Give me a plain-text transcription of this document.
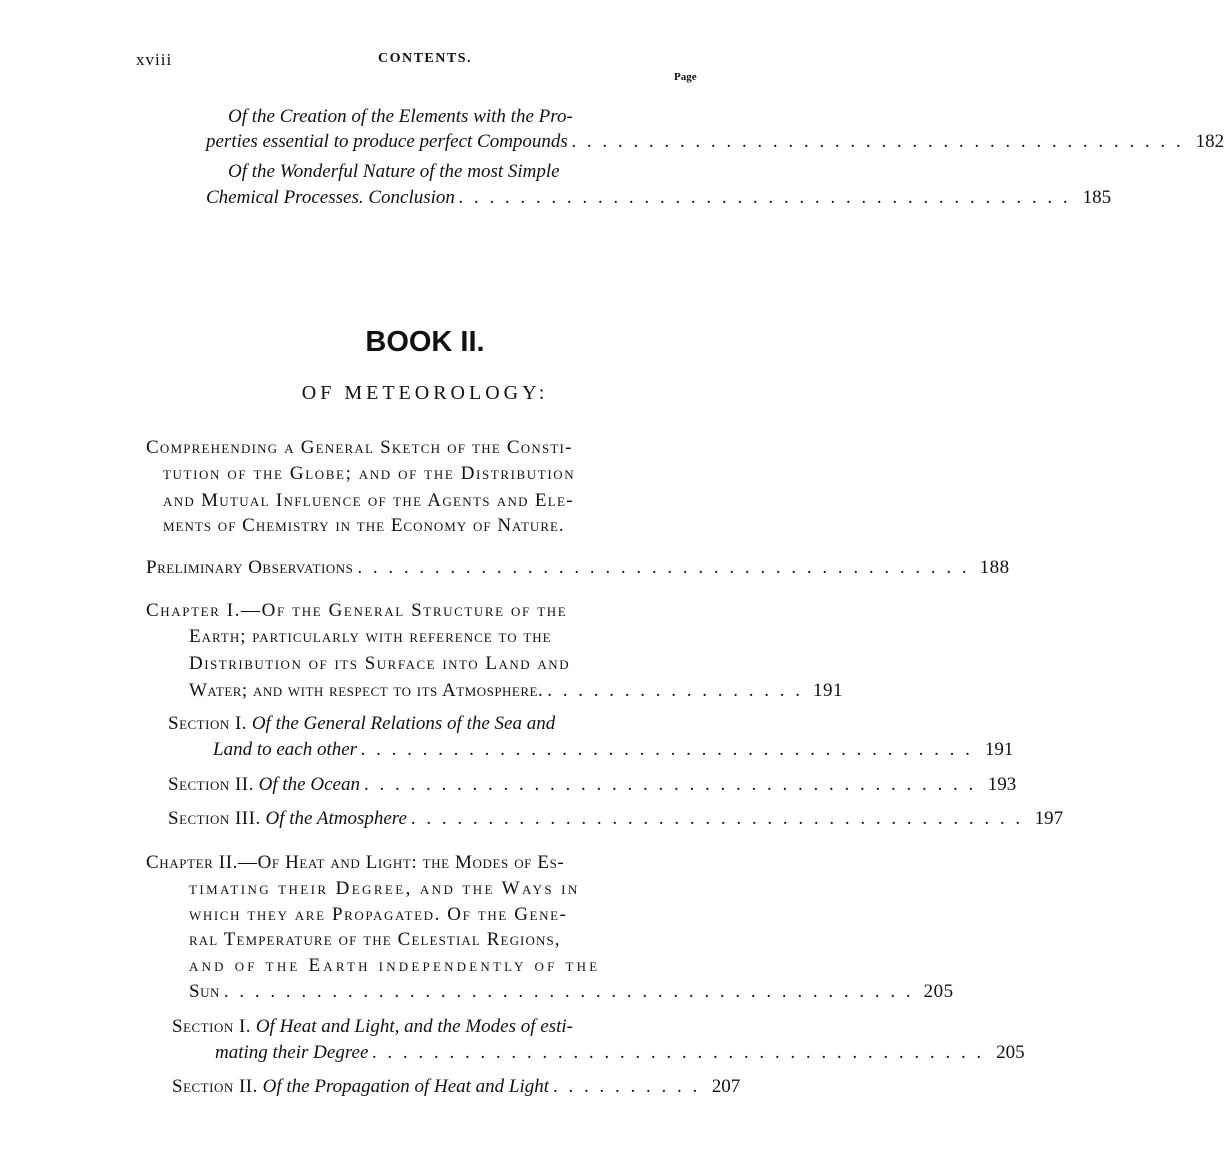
xviii	CONTENTS.
Page
Of the Creation of the Elements with the Pro-
perties essential to produce perfect Compounds . . . . . . . . . . . . . . . . . . . . . . . . . . . . . . . . . . . . . . . . 182
Of the Wonderful Nature of the most Simple
Chemical Processes. Conclusion . . . . . . . . . . . . . . . . . . . . . . . . . . . . . . . . . . . . . . . . 185
BOOK II.
OF METEOROLOGY:
Comprehending a General Sketch of the Consti-
tution of the Globe; and of the Distribution
and Mutual Influence of the Agents and Ele-
ments of Chemistry in the Economy of Nature.
Preliminary Observations . . . . . . . . . . . . . . . . . . . . . . . . . . . . . . . . . . . . . . . . 188
Chapter I.—Of the General Structure of the
Earth; particularly with reference to the
Distribution of its Surface into Land and
Water; and with respect to its Atmosphere. . . . . . . . . . . . . . . . . . 191
Section I. Of the General Relations of the Sea and
Land to each other . . . . . . . . . . . . . . . . . . . . . . . . . . . . . . . . . . . . . . . . 191
Section II. Of the Ocean . . . . . . . . . . . . . . . . . . . . . . . . . . . . . . . . . . . . . . . . 193
Section III. Of the Atmosphere . . . . . . . . . . . . . . . . . . . . . . . . . . . . . . . . . . . . . . . . 197
Chapter II.—Of Heat and Light: the Modes of Es-
timating their Degree, and the Ways in
which they are Propagated. Of the Gene-
ral Temperature of the Celestial Regions,
and of the Earth independently of the
Sun . . . . . . . . . . . . . . . . . . . . . . . . . . . . . . . . . . . . . . . . . . . . . 205
Section I. Of Heat and Light, and the Modes of esti-
mating their Degree . . . . . . . . . . . . . . . . . . . . . . . . . . . . . . . . . . . . . . . . 205
Section II. Of the Propagation of Heat and Light . . . . . . . . . . 207
